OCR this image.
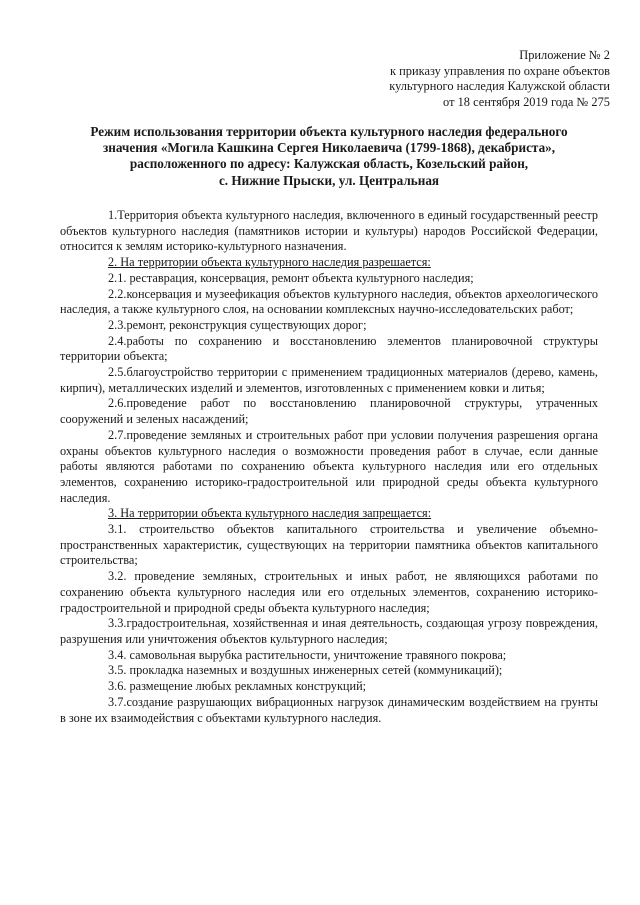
Приложение № 2
к приказу управления по охране объектов
культурного наследия Калужской области
от 18 сентября 2019 года № 275
Режим использования территории объекта культурного наследия федерального
значения «Могила Кашкина Сергея Николаевича (1799-1868), декабриста»,
расположенного по адресу: Калужская область, Козельский район,
с. Нижние Прыски, ул. Центральная

1.Территория объекта культурного наследия, включенного в единый государственный реестр объектов культурного наследия (памятников истории и культуры) народов Российской Федерации, относится к землям историко-культурного назначения.

2. На территории объекта культурного наследия разрешается:

2.1. реставрация, консервация, ремонт объекта культурного наследия;

2.2.консервация и музеефикация объектов культурного наследия, объектов археологического наследия, а также культурного слоя, на основании комплексных научно-исследовательских работ;

2.3.ремонт, реконструкция существующих дорог;

2.4.работы по сохранению и восстановлению элементов планировочной структуры территории объекта;

2.5.благоустройство территории с применением традиционных материалов (дерево, камень, кирпич), металлических изделий и элементов, изготовленных с применением ковки и литья;

2.6.проведение работ по восстановлению планировочной структуры, утраченных сооружений и зеленых насаждений;

2.7.проведение земляных и строительных работ при условии получения разрешения органа охраны объектов культурного наследия о возможности проведения работ в случае, если данные работы являются работами по сохранению объекта культурного наследия или его отдельных элементов, сохранению историко-градостроительной или природной среды объекта культурного наследия.

3. На территории объекта культурного наследия запрещается:

3.1. строительство объектов капитального строительства и увеличение объемно-пространственных характеристик, существующих на территории памятника объектов капитального строительства;

3.2. проведение земляных, строительных и иных работ, не являющихся работами по сохранению объекта культурного наследия или его отдельных элементов, сохранению историко-градостроительной и природной среды объекта культурного наследия;

3.3.градостроительная, хозяйственная и иная деятельность, создающая угрозу повреждения, разрушения или уничтожения объектов культурного наследия;

3.4. самовольная вырубка растительности, уничтожение травяного покрова;

3.5. прокладка наземных и воздушных инженерных сетей (коммуникаций);

3.6. размещение любых рекламных конструкций;

3.7.создание разрушающих вибрационных нагрузок динамическим воздействием на грунты в зоне их взаимодействия с объектами культурного наследия.
